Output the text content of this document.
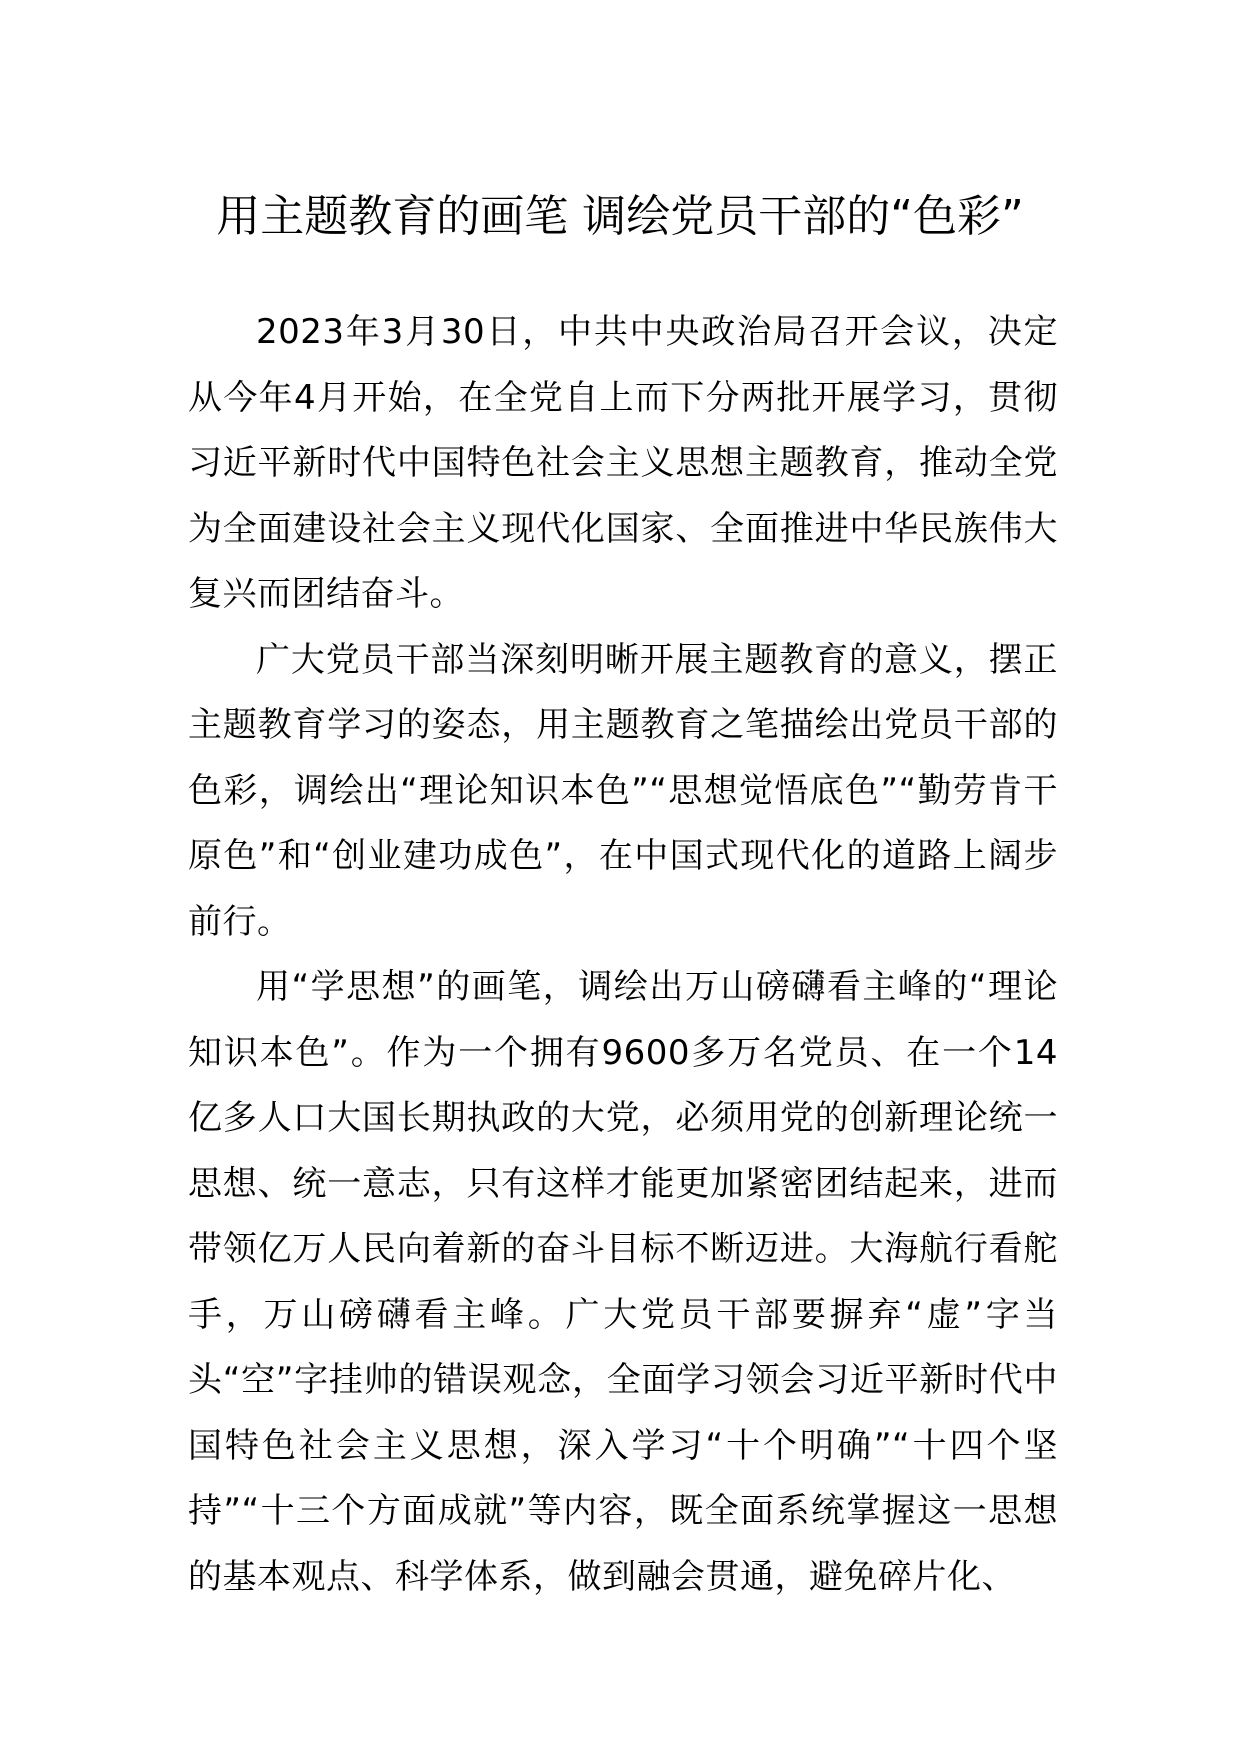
用主题教育的画笔 调绘党员干部的“色彩”

2023年3月30日，中共中央政治局召开会议，决定从今年4月开始，在全党自上而下分两批开展学习，贯彻习近平新时代中国特色社会主义思想主题教育，推动全党为全面建设社会主义现代化国家、全面推进中华民族伟大复兴而团结奋斗。

广大党员干部当深刻明晰开展主题教育的意义，摆正主题教育学习的姿态，用主题教育之笔描绘出党员干部的色彩，调绘出“理论知识本色”“思想觉悟底色”“勤劳肯干原色”和“创业建功成色”，在中国式现代化的道路上阔步前行。

用“学思想”的画笔，调绘出万山磅礴看主峰的“理论知识本色”。作为一个拥有9600多万名党员、在一个14亿多人口大国长期执政的大党，必须用党的创新理论统一思想、统一意志，只有这样才能更加紧密团结起来，进而带领亿万人民向着新的奋斗目标不断迈进。大海航行看舵手，万山磅礴看主峰。广大党员干部要摒弃“虚”字当头“空”字挂帅的错误观念，全面学习领会习近平新时代中国特色社会主义思想，深入学习“十个明确”“十四个坚持”“十三个方面成就”等内容，既全面系统掌握这一思想的基本观点、科学体系，做到融会贯通，避免碎片化、
